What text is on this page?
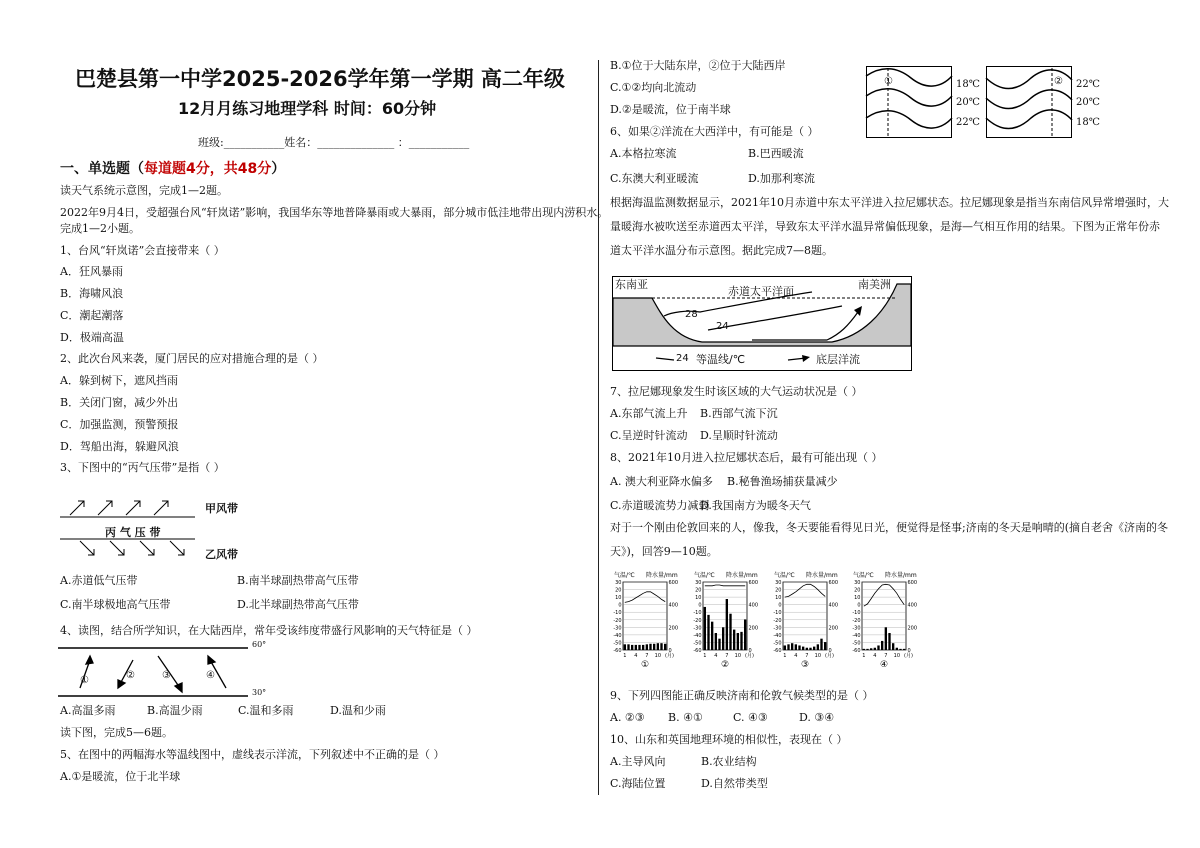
巴楚县第一中学2025-2026学年第一学期 高二年级
12月月练习地理学科 时间：60分钟
班级:___________姓名：______________ ：___________
一、单选题（每道题4分，共48分）
读天气系统示意图，完成1—2题。
2022年9月4日，受超强台风“轩岚诺”影响，我国华东等地普降暴雨或大暴雨，部分城市低洼地带出现内涝积水。
完成1—2小题。
1、台风“轩岚诺”会直接带来（ ）
A．狂风暴雨
B．海啸风浪
C．潮起潮落
D．极端高温
2、此次台风来袭，厦门居民的应对措施合理的是（ ）
A．躲到树下，遮风挡雨
B．关闭门窗，减少外出
C．加强监测，预警预报
D．驾船出海，躲避风浪
3、下图中的“丙气压带”是指（ ）
甲风带
丙 气 压 带
乙风带
A.赤道低气压带	B.南半球副热带高气压带
C.南半球极地高气压带	D.北半球副热带高气压带
4、读图，结合所学知识，在大陆西岸，常年受该纬度带盛行风影响的天气特征是（ ）
60°
30°
①	②	③	④
A.高温多雨	B.高温少雨	C.温和多雨	D.温和少雨
读下图，完成5—6题。
5、在图中的两幅海水等温线图中，虚线表示洋流，下列叙述中不正确的是（ ）
A.①是暖流，位于北半球
B.①位于大陆东岸，②位于大陆西岸
C.①②均向北流动
D.②是暖流，位于南半球
6、如果②洋流在大西洋中，有可能是（ ）
A.本格拉寒流	B.巴西暖流
C.东澳大利亚暖流	D.加那利寒流
①	18℃
20℃
22℃
② 22℃
20℃
18℃
根据海温监测数据显示，2021年10月赤道中东太平洋进入拉尼娜状态。拉尼娜现象是指当东南信风异常增强时，大
量暖海水被吹送至赤道西太平洋，导致东太平洋水温异常偏低现象，是海—气相互作用的结果。下图为正常年份赤
道太平洋水温分布示意图。据此完成7—8题。
东南亚
赤道太平洋面
南美洲
28
24
24 等温线/℃	底层洋流
7、拉尼娜现象发生时该区域的大气运动状况是（ ）
A.东部气流上升 B.西部气流下沉
C.呈逆时针流动 D.呈顺时针流动
8、2021年10月进入拉尼娜状态后，最有可能出现（ ）
A. 澳大利亚降水偏多 B.秘鲁渔场捕获量减少
C.赤道暖流势力减弱
D.我国南方为暖冬天气
对于一个刚由伦敦回来的人，像我，冬天要能看得见日光，便觉得是怪事;济南的冬天是响晴的(摘自老舍《济南的冬
天》)，回答9—10题。
气温/℃ 降水量/mm
30	600
20
10
0	400
-10
-20
-30	200
-40
-50
-60	0
1 4 7 10 (月)
①
气温/℃ 降水量/mm
30	600
20
10
0	400
-10
-20
-30	200
-40
-50
-60	0
1 4 7 10 (月)
②
气温/℃ 降水量/mm
30	600
20
10
0	400
-10
-20
-30	200
-40
-50
-60	0
1 4 7 10 (月)
③
气温/℃ 降水量/mm
30	600
20
10
0	400
-10
-20
-30	200
-40
-50
-60	0
1 4 7 10 (月)
④
9、下列四图能正确反映济南和伦敦气候类型的是（ ）
A. ②③ B. ④①	C. ④③	D. ③④
10、山东和英国地理环境的相似性，表现在（ ）
A.主导风向	B.农业结构
C.海陆位置	D.自然带类型
